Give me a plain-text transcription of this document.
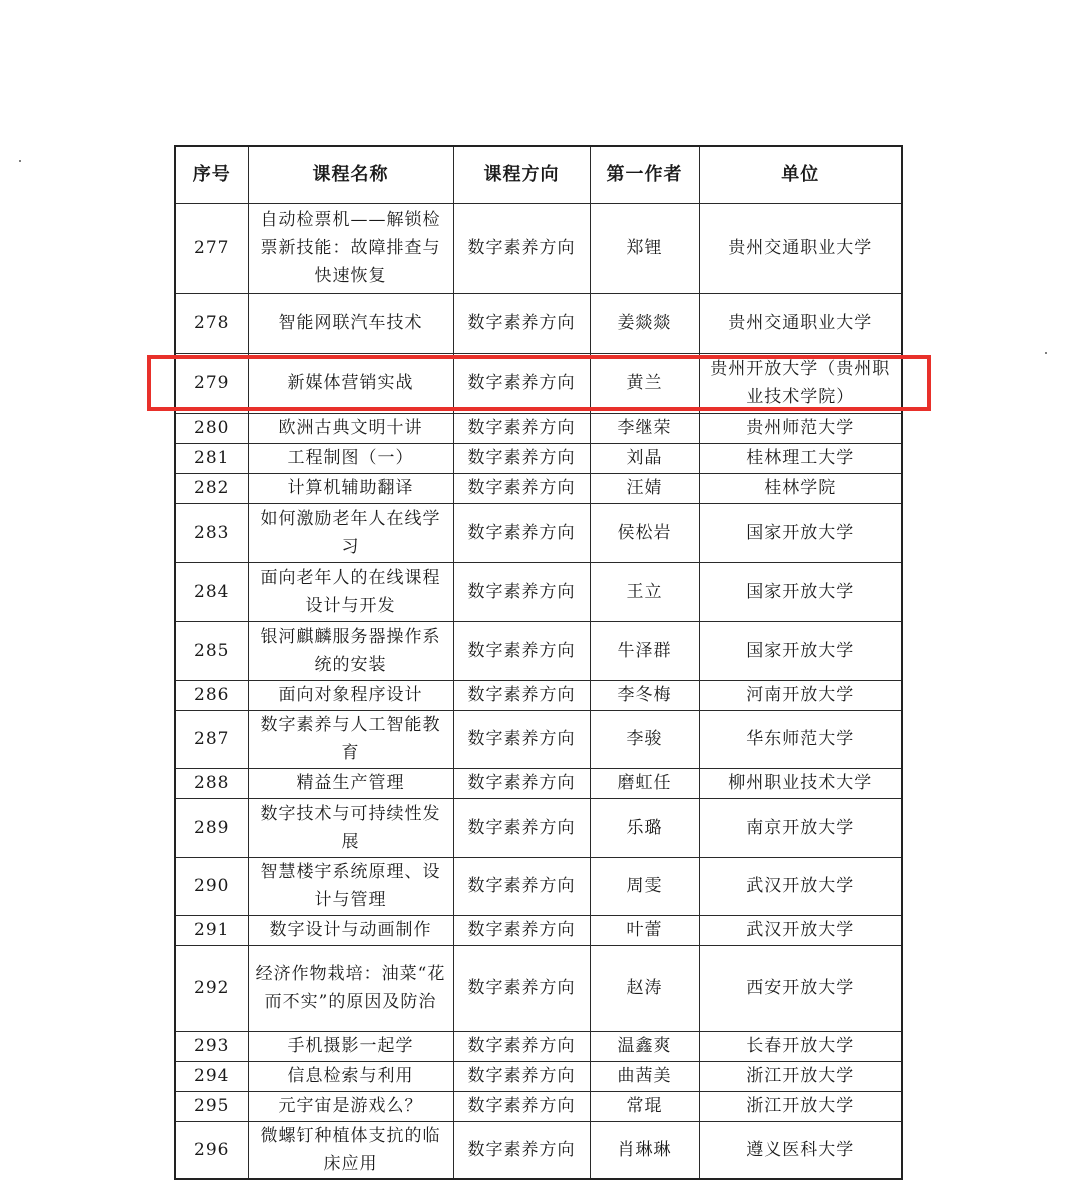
序号	课程名称	课程方向	第一作者	单位
277	自动检票机——解锁检票新技能：故障排查与快速恢复	数字素养方向	郑锂	贵州交通职业大学
278	智能网联汽车技术	数字素养方向	姜燚燚	贵州交通职业大学
279	新媒体营销实战	数字素养方向	黄兰	贵州开放大学（贵州职业技术学院）
280	欧洲古典文明十讲	数字素养方向	李继荣	贵州师范大学
281	工程制图（一）	数字素养方向	刘晶	桂林理工大学
282	计算机辅助翻译	数字素养方向	汪婧	桂林学院
283	如何激励老年人在线学习	数字素养方向	侯松岩	国家开放大学
284	面向老年人的在线课程设计与开发	数字素养方向	王立	国家开放大学
285	银河麒麟服务器操作系统的安装	数字素养方向	牛泽群	国家开放大学
286	面向对象程序设计	数字素养方向	李冬梅	河南开放大学
287	数字素养与人工智能教育	数字素养方向	李骏	华东师范大学
288	精益生产管理	数字素养方向	磨虹任	柳州职业技术大学
289	数字技术与可持续性发展	数字素养方向	乐璐	南京开放大学
290	智慧楼宇系统原理、设计与管理	数字素养方向	周雯	武汉开放大学
291	数字设计与动画制作	数字素养方向	叶蕾	武汉开放大学
292	经济作物栽培：油菜“花而不实”的原因及防治	数字素养方向	赵涛	西安开放大学
293	手机摄影一起学	数字素养方向	温鑫爽	长春开放大学
294	信息检索与利用	数字素养方向	曲茜美	浙江开放大学
295	元宇宙是游戏么？	数字素养方向	常琨	浙江开放大学
296	微螺钉种植体支抗的临床应用	数字素养方向	肖琳琳	遵义医科大学
